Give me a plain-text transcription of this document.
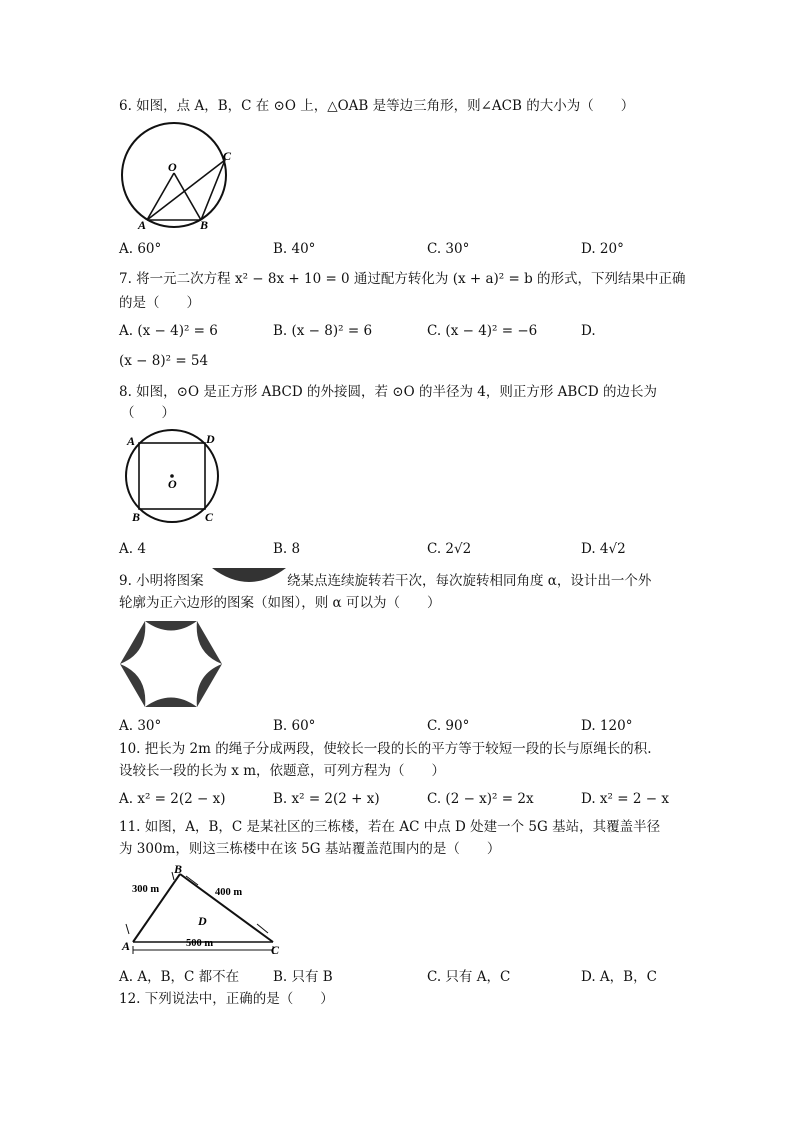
6. 如图，点 A，B，C 在 ⊙O 上，△OAB 是等边三角形，则∠ACB 的大小为（　　）
O
A	B
C
A. 60°	B. 40°	C. 30°	D. 20°
7. 将一元二次方程 x² − 8x + 10 = 0 通过配方转化为 (x + a)² = b 的形式，下列结果中正确
的是（　　）
A. (x − 4)² = 6	B. (x − 8)² = 6	C. (x − 4)² = −6	D.
(x − 8)² = 54
8. 如图，⊙O 是正方形 ABCD 的外接圆，若 ⊙O 的半径为 4，则正方形 ABCD 的边长为
（　　）
O
A	D
B	C
A. 4	B. 8	C. 2√2	D. 4√2
9. 小明将图案	绕某点连续旋转若干次，每次旋转相同角度 α，设计出一个外
轮廓为正六边形的图案（如图），则 α 可以为（　　）
A. 30°	B. 60°	C. 90°	D. 120°
10. 把长为 2m 的绳子分成两段，使较长一段的长的平方等于较短一段的长与原绳长的积.
设较长一段的长为 x m，依题意，可列方程为（　　）
A. x² = 2(2 − x)	B. x² = 2(2 + x)	C. (2 − x)² = 2x	D. x² = 2 − x
11. 如图，A，B，C 是某社区的三栋楼，若在 AC 中点 D 处建一个 5G 基站，其覆盖半径
为 300m，则这三栋楼中在该 5G 基站覆盖范围内的是（　　）
B
A	C
D
300 m	400 m
500 m
A. A，B，C 都不在	B. 只有 B	C. 只有 A，C	D. A，B，C
12. 下列说法中，正确的是（　　）
